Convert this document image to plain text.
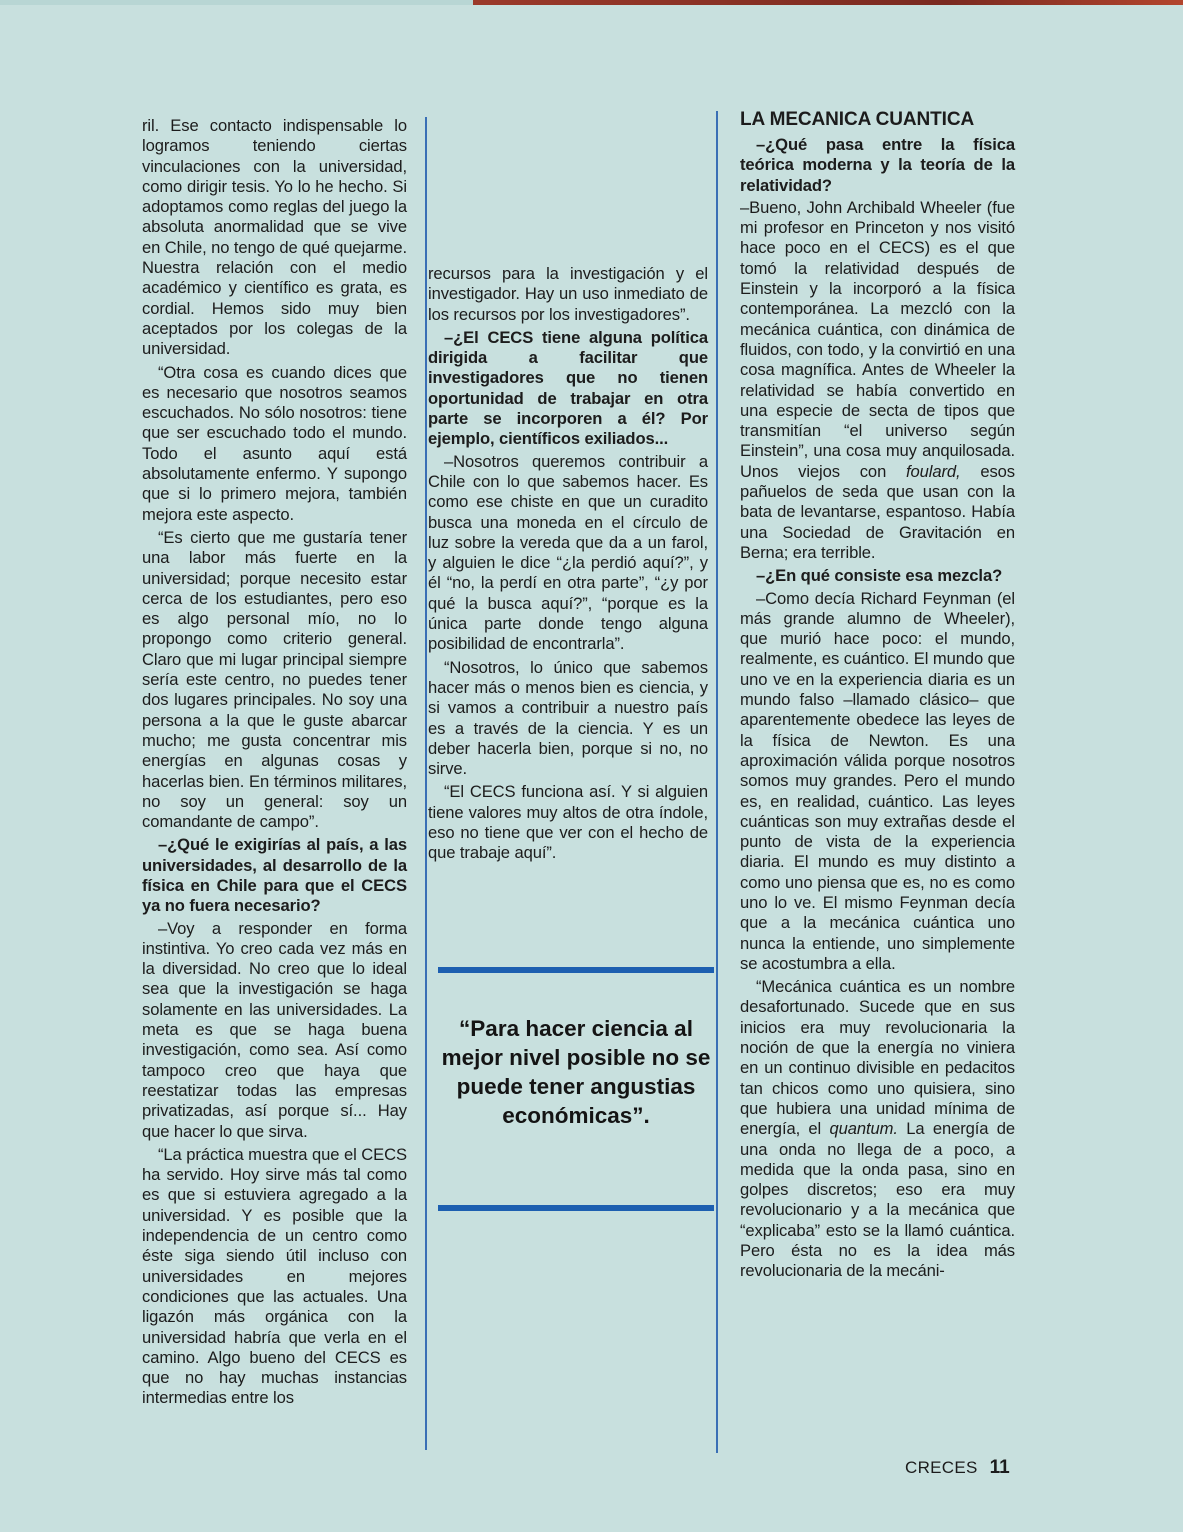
ril. Ese contacto indispensable lo logramos teniendo ciertas vinculaciones con la universidad, como dirigir tesis. Yo lo he hecho. Si adoptamos como reglas del juego la absoluta anormalidad que se vive en Chile, no tengo de qué quejarme. Nuestra relación con el medio académico y científico es grata, es cordial. Hemos sido muy bien aceptados por los colegas de la universidad.

“Otra cosa es cuando dices que es necesario que nosotros seamos escuchados. No sólo nosotros: tiene que ser escuchado todo el mundo. Todo el asunto aquí está absolutamente enfermo. Y supongo que si lo primero mejora, también mejora este aspecto.

“Es cierto que me gustaría tener una labor más fuerte en la universidad; porque necesito estar cerca de los estudiantes, pero eso es algo personal mío, no lo propongo como criterio general. Claro que mi lugar principal siempre sería este centro, no puedes tener dos lugares principales. No soy una persona a la que le guste abarcar mucho; me gusta concentrar mis energías en algunas cosas y hacerlas bien. En términos militares, no soy un general: soy un comandante de campo”.

–¿Qué le exigirías al país, a las universidades, al desarrollo de la física en Chile para que el CECS ya no fuera necesario?

–Voy a responder en forma instintiva. Yo creo cada vez más en la diversidad. No creo que lo ideal sea que la investigación se haga solamente en las universidades. La meta es que se haga buena investigación, como sea. Así como tampoco creo que haya que reestatizar todas las empresas privatizadas, así porque sí... Hay que hacer lo que sirva.

“La práctica muestra que el CECS ha servido. Hoy sirve más tal como es que si estuviera agregado a la universidad. Y es posible que la independencia de un centro como éste siga siendo útil incluso con universidades en mejores condiciones que las actuales. Una ligazón más orgánica con la universidad habría que verla en el camino. Algo bueno del CECS es que no hay muchas instancias intermedias entre los

recursos para la investigación y el investigador. Hay un uso inmediato de los recursos por los investigadores”.

–¿El CECS tiene alguna política dirigida a facilitar que investigadores que no tienen oportunidad de trabajar en otra parte se incorporen a él? Por ejemplo, científicos exiliados...

–Nosotros queremos contribuir a Chile con lo que sabemos hacer. Es como ese chiste en que un curadito busca una moneda en el círculo de luz sobre la vereda que da a un farol, y alguien le dice “¿la perdió aquí?”, y él “no, la perdí en otra parte”, “¿y por qué la busca aquí?”, “porque es la única parte donde tengo alguna posibilidad de encontrarla”.

“Nosotros, lo único que sabemos hacer más o menos bien es ciencia, y si vamos a contribuir a nuestro país es a través de la ciencia. Y es un deber hacerla bien, porque si no, no sirve.

“El CECS funciona así. Y si alguien tiene valores muy altos de otra índole, eso no tiene que ver con el hecho de que trabaje aquí”.

“Para hacer ciencia al mejor nivel posible no se puede tener angustias económicas”.

LA MECANICA CUANTICA

–¿Qué pasa entre la física teórica moderna y la teoría de la relatividad?

–Bueno, John Archibald Wheeler (fue mi profesor en Princeton y nos visitó hace poco en el CECS) es el que tomó la relatividad después de Einstein y la incorporó a la física contemporánea. La mezcló con la mecánica cuántica, con dinámica de fluidos, con todo, y la convirtió en una cosa magnífica. Antes de Wheeler la relatividad se había convertido en una especie de secta de tipos que transmitían “el universo según Einstein”, una cosa muy anquilosada. Unos viejos con foulard, esos pañuelos de seda que usan con la bata de levantarse, espantoso. Había una Sociedad de Gravitación en Berna; era terrible.

–¿En qué consiste esa mezcla?

–Como decía Richard Feynman (el más grande alumno de Wheeler), que murió hace poco: el mundo, realmente, es cuántico. El mundo que uno ve en la experiencia diaria es un mundo falso –llamado clásico– que aparentemente obedece las leyes de la física de Newton. Es una aproximación válida porque nosotros somos muy grandes. Pero el mundo es, en realidad, cuántico. Las leyes cuánticas son muy extrañas desde el punto de vista de la experiencia diaria. El mundo es muy distinto a como uno piensa que es, no es como uno lo ve. El mismo Feynman decía que a la mecánica cuántica uno nunca la entiende, uno simplemente se acostumbra a ella.

“Mecánica cuántica es un nombre desafortunado. Sucede que en sus inicios era muy revolucionaria la noción de que la energía no viniera en un continuo divisible en pedacitos tan chicos como uno quisiera, sino que hubiera una unidad mínima de energía, el quantum. La energía de una onda no llega de a poco, a medida que la onda pasa, sino en golpes discretos; eso era muy revolucionario y a la mecánica que “explicaba” esto se la llamó cuántica. Pero ésta no es la idea más revolucionaria de la mecáni-

CRECES 11
